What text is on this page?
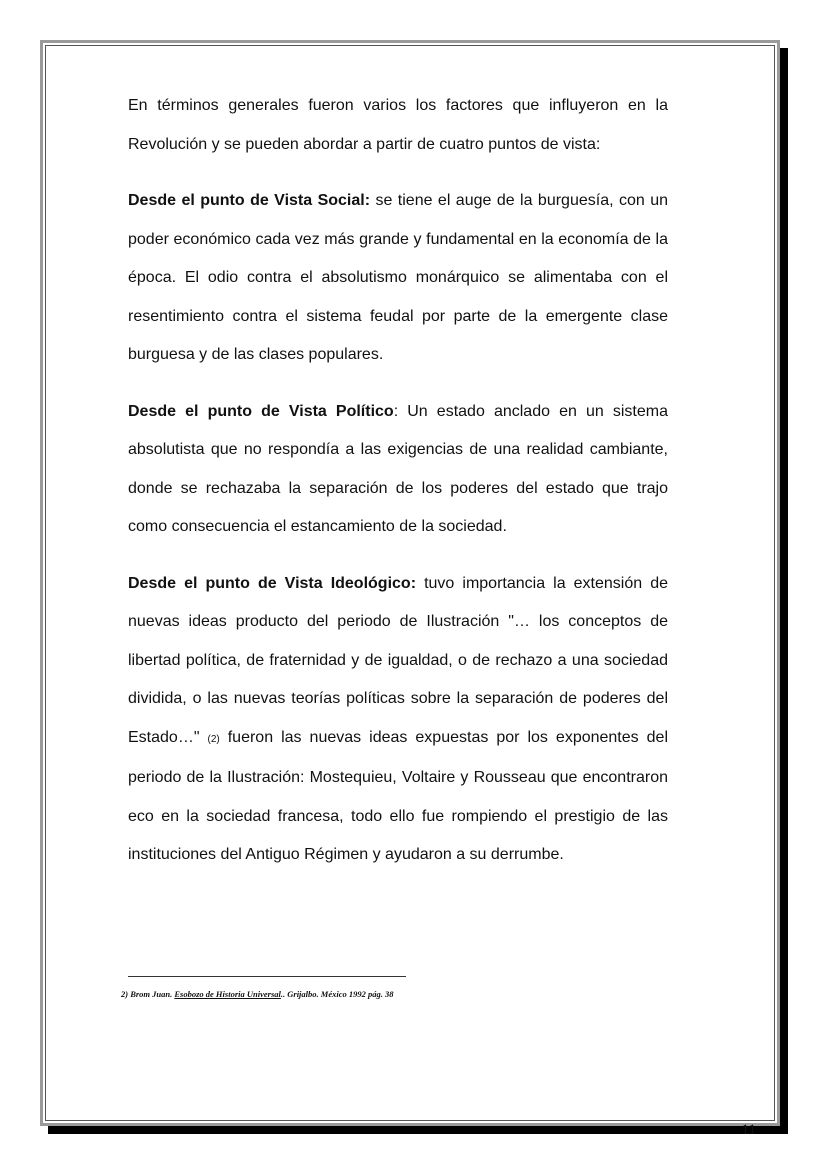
En términos generales fueron varios los factores que influyeron en la Revolución y se pueden abordar a partir de cuatro puntos de vista:

Desde el punto de Vista Social: se tiene el auge de la burguesía, con un poder económico cada vez más grande y fundamental en la economía de la época. El odio contra el absolutismo monárquico se alimentaba con el resentimiento contra el sistema feudal por parte de la emergente clase burguesa y de las clases populares.

Desde el punto de Vista Político: Un estado anclado en un sistema absolutista que no respondía a las exigencias de una realidad cambiante, donde se rechazaba la separación de los poderes del estado que trajo como consecuencia el estancamiento de la sociedad.

Desde el punto de Vista Ideológico: tuvo importancia la extensión de nuevas ideas producto del periodo de Ilustración "… los conceptos de libertad política, de fraternidad y de igualdad, o de rechazo a una sociedad dividida, o las nuevas teorías políticas sobre la separación de poderes del Estado…" (2) fueron las nuevas ideas expuestas por los exponentes del periodo de la Ilustración: Mostequieu, Voltaire y Rousseau que encontraron eco en la sociedad francesa, todo ello fue rompiendo el prestigio de las instituciones del Antiguo Régimen y ayudaron a su derrumbe.

2) Brom Juan. Esobozo de Historia Universal.. Grijalbo. México 1992 pág. 38
11
